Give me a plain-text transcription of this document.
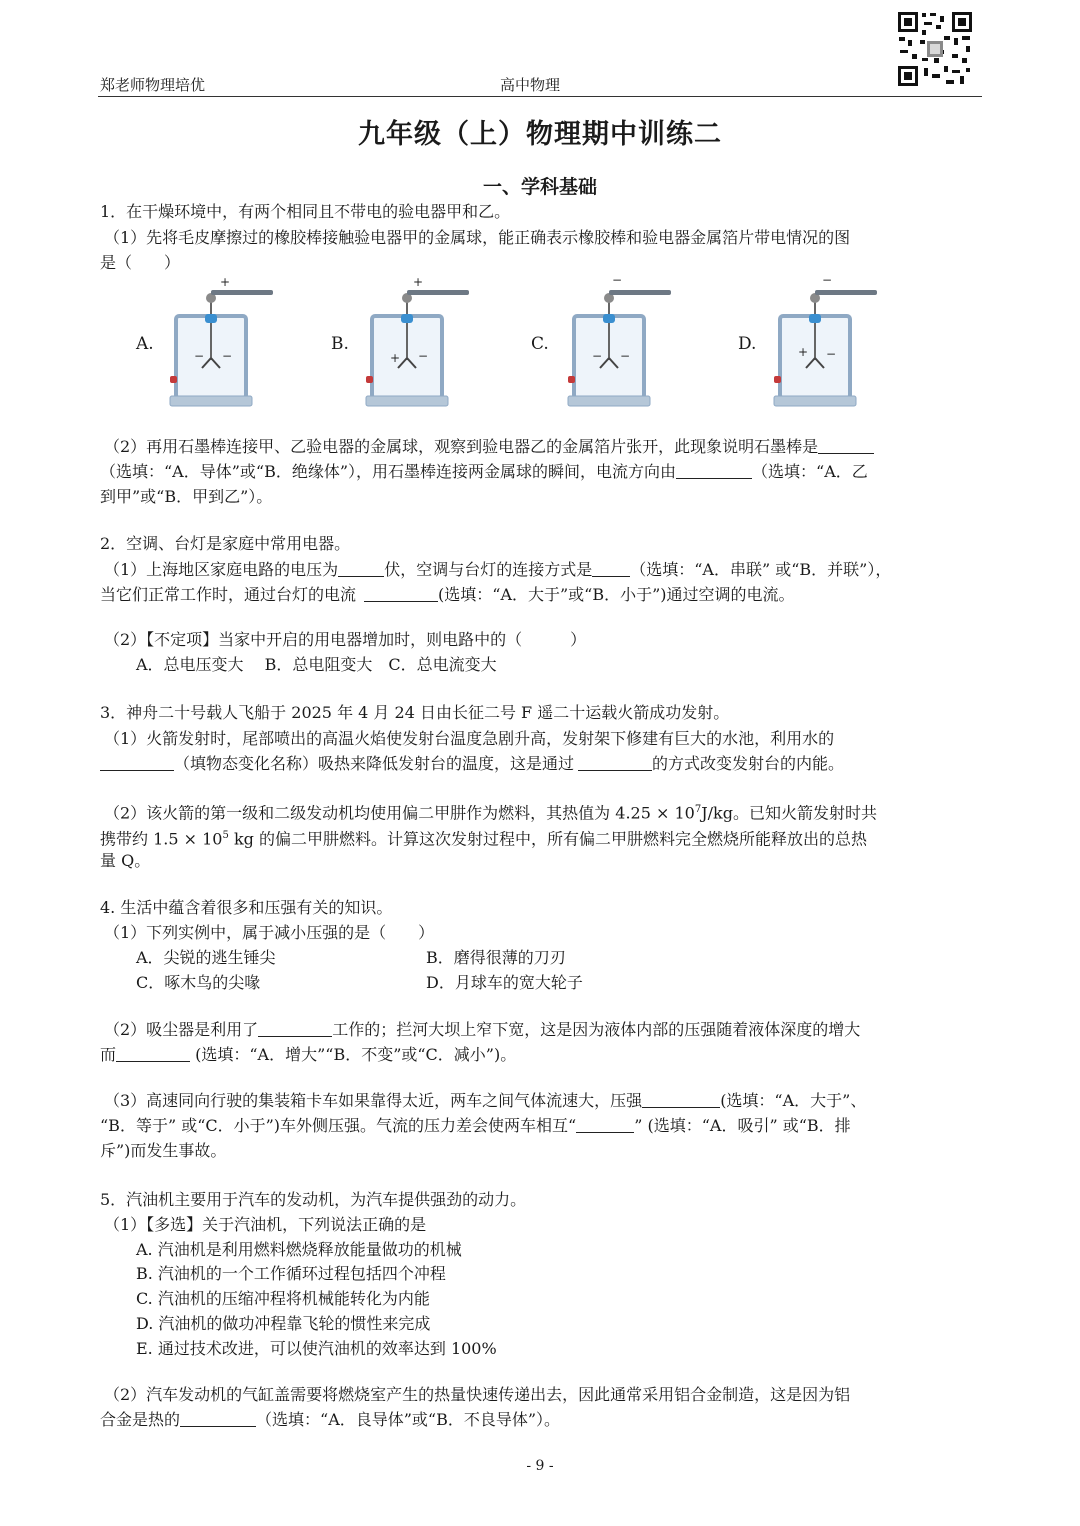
郑老师物理培优	高中物理
九年级（上）物理期中训练二
一、学科基础
1．在干燥环境中，有两个相同且不带电的验电器甲和乙。
（1）先将毛皮摩擦过的橡胶棒接触验电器甲的金属球，能正确表示橡胶棒和验电器金属箔片带电情况的图
是（　　）
A.	B.	C.	D.
+
− −
+
+ −
−
− −
−
+ −
（2）再用石墨棒连接甲、乙验电器的金属球，观察到验电器乙的金属箔片张开，此现象说明石墨棒是
（选填：“A．导体”或“B．绝缘体”），用石墨棒连接两金属球的瞬间，电流方向由	（选填：“A．乙
到甲”或“B．甲到乙”）。
2．空调、台灯是家庭中常用电器。
（1）上海地区家庭电路的电压为	伏，空调与台灯的连接方式是 （选填：“A．串联” 或“B．并联”），
当它们正常工作时，通过台灯的电流	(选填：“A．大于”或“B．小于”)通过空调的电流。
（2）【不定项】当家中开启的用电器增加时，则电路中的（　　　）
A．总电压变大　 B．总电阻变大　C．总电流变大
3．神舟二十号载人飞船于 2025 年 4 月 24 日由长征二号 F 遥二十运载火箭成功发射。
（1）火箭发射时，尾部喷出的高温火焰使发射台温度急剧升高，发射架下修建有巨大的水池，利用水的
（填物态变化名称）吸热来降低发射台的温度，这是通过	的方式改变发射台的内能。
（2）该火箭的第一级和二级发动机均使用偏二甲肼作为燃料，其热值为 $4.25 \times 10^7J/kg$。已知火箭发射时共
携带约 $1.5 \times 10^5$ kg 的偏二甲肼燃料。计算这次发射过程中，所有偏二甲肼燃料完全燃烧所能释放出的总热
量 Q。
4. 生活中蕴含着很多和压强有关的知识。
（1）下列实例中，属于减小压强的是（　　）
A．尖锐的逃生锤尖	B．磨得很薄的刀刃
C．啄木鸟的尖喙	D．月球车的宽大轮子
（2）吸尘器是利用了	工作的；拦河大坝上窄下宽，这是因为液体内部的压强随着液体深度的增大
而	(选填：“A．增大”“B．不变”或“C．减小”)。
（3）高速同向行驶的集装箱卡车如果靠得太近，两车之间气体流速大，压强	(选填：“A．大于”、
“B．等于” 或“C．小于”)车外侧压强。气流的压力差会使两车相互“	” (选填：“A．吸引” 或“B．排
斥”)而发生事故。
5．汽油机主要用于汽车的发动机，为汽车提供强劲的动力。
（1）【多选】关于汽油机，下列说法正确的是
A. 汽油机是利用燃料燃烧释放能量做功的机械
B. 汽油机的一个工作循环过程包括四个冲程
C. 汽油机的压缩冲程将机械能转化为内能
D. 汽油机的做功冲程靠飞轮的惯性来完成
E. 通过技术改进，可以使汽油机的效率达到 100%
（2）汽车发动机的气缸盖需要将燃烧室产生的热量快速传递出去，因此通常采用铝合金制造，这是因为铝
合金是热的	（选填：“A．良导体”或“B．不良导体”）。
- 9 -
